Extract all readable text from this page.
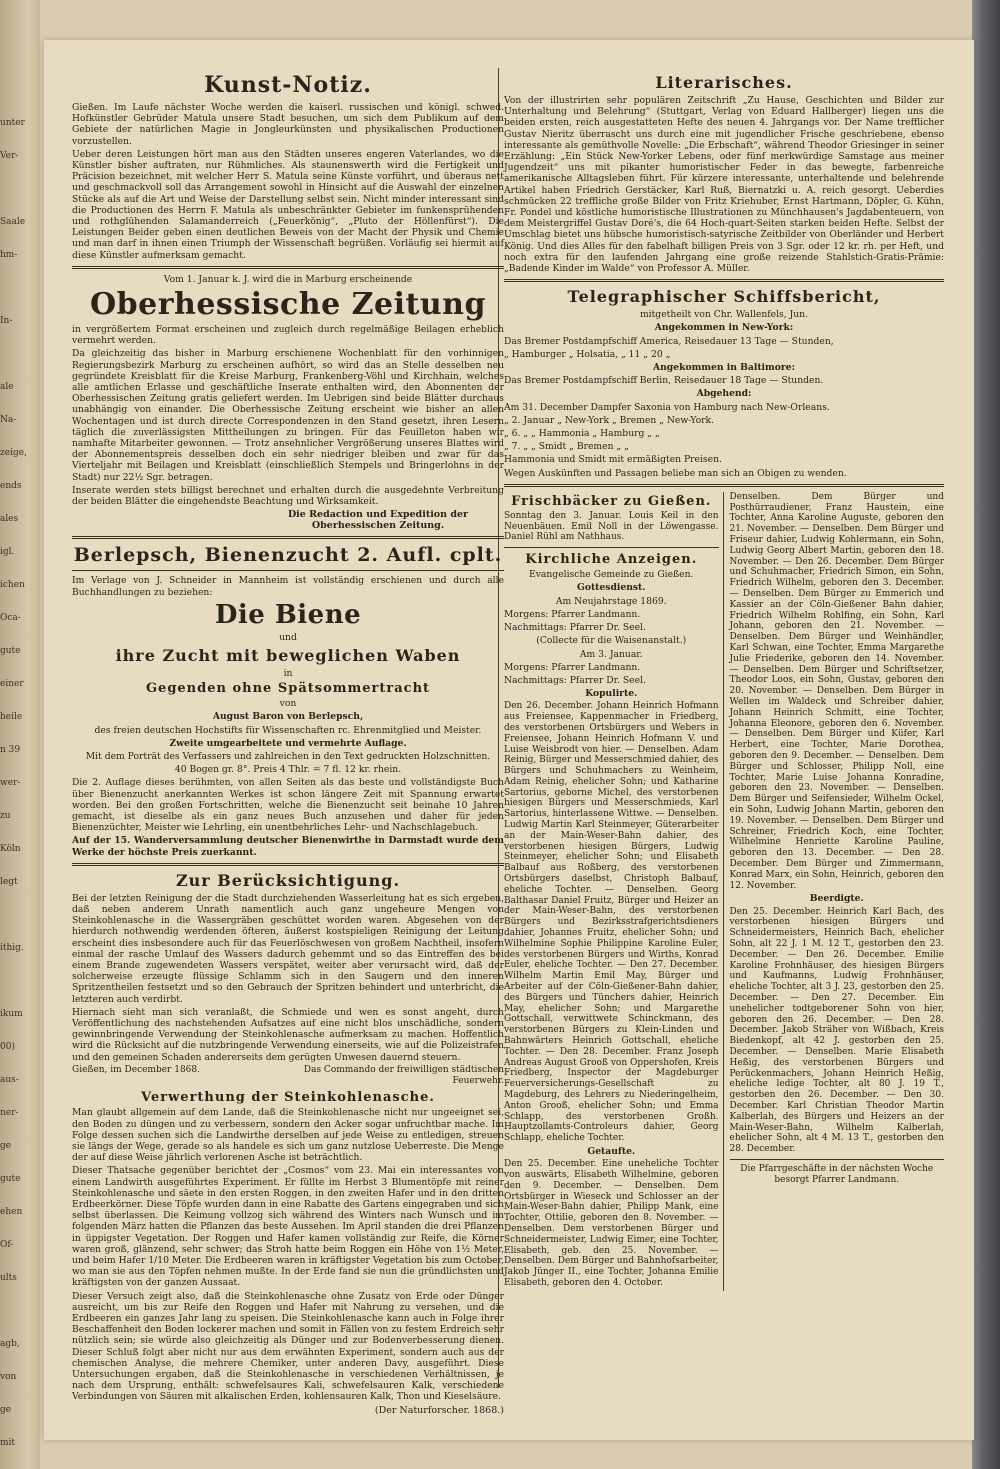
unter
Ver-
Saale
hm-
In-
ale
Na-
zeige,
ends
ales
igl.
ichen
Oca-
gute
einer
heile
n 39
wer-
zu
Köln
legt
ithig.
ikum
00)
aus-
ner-
ge
gute
ehen
Of-
ults
agb,
von
ge
mit
Kunst-Notiz.

Gießen. Im Laufe nächster Woche werden die kaiserl. russischen und königl. schwed. Hofkünstler Gebrüder Matula unsere Stadt besuchen, um sich dem Publikum auf dem Gebiete der natürlichen Magie in Jongleurkünsten und physikalischen Productionen vorzustellen.

Ueber deren Leistungen hört man aus den Städten unseres engeren Vaterlandes, wo die Künstler bisher auftraten, nur Rühmliches. Als staunenswerth wird die Fertigkeit und Präcision bezeichnet, mit welcher Herr S. Matula seine Künste vorführt, und überaus nett und geschmackvoll soll das Arrangement sowohl in Hinsicht auf die Auswahl der einzelnen Stücke als auf die Art und Weise der Darstellung selbst sein. Nicht minder interessant sind die Productionen des Herrn F. Matula als unbeschränkter Gebieter im funkensprühenden und rothglühenden Salamanderreich („Feuerkönig“, „Pluto der Höllenfürst“). Die Leistungen Beider geben einen deutlichen Beweis von der Macht der Physik und Chemie und man darf in ihnen einen Triumph der Wissenschaft begrüßen. Vorläufig sei hiermit auf diese Künstler aufmerksam gemacht.

Vom 1. Januar k. J. wird die in Marburg erscheinende

Oberhessische Zeitung

in vergrößertem Format erscheinen und zugleich durch regelmäßige Beilagen erheblich vermehrt werden.

Da gleichzeitig das bisher in Marburg erschienene Wochenblatt für den vorhinnigen Regierungsbezirk Marburg zu erscheinen aufhört, so wird das an Stelle desselben neu gegründete Kreisblatt für die Kreise Marburg, Frankenberg-Vöhl und Kirchhain, welches alle amtlichen Erlasse und geschäftliche Inserate enthalten wird, den Abonnenten der Oberhessischen Zeitung gratis geliefert werden. Im Uebrigen sind beide Blätter durchaus unabhängig von einander. Die Oberhessische Zeitung erscheint wie bisher an allen Wochentagen und ist durch directe Correspondenzen in den Stand gesetzt, ihren Lesern täglich die zuverlässigsten Mittheilungen zu bringen. Für das Feuilleton haben wir namhafte Mitarbeiter gewonnen. — Trotz ansehnlicher Vergrößerung unseres Blattes wird der Abonnementspreis desselben doch ein sehr niedriger bleiben und zwar für das Vierteljahr mit Beilagen und Kreisblatt (einschließlich Stempels und Bringerlohns in der Stadt) nur 22½ Sgr. betragen.

Inserate werden stets billigst berechnet und erhalten durch die ausgedehnte Verbreitung der beiden Blätter die eingehendste Beachtung und Wirksamkeit.

Die Redaction und Expedition der Oberhessischen Zeitung.

Berlepsch, Bienenzucht 2. Aufl. cplt.

Im Verlage von J. Schneider in Mannheim ist vollständig erschienen und durch alle Buchhandlungen zu beziehen:

Die Biene

und

ihre Zucht mit beweglichen Waben

in

Gegenden ohne Spätsommertracht

von

August Baron von Berlepsch,

des freien deutschen Hochstifts für Wissenschaften rc. Ehrenmitglied und Meister.

Zweite umgearbeitete und vermehrte Auflage.

Mit dem Porträt des Verfassers und zahlreichen in den Text gedruckten Holzschnitten.

40 Bogen gr. 8°. Preis 4 Thlr. = 7 fl. 12 kr. rhein.

Die 2. Auflage dieses berühmten, von allen Seiten als das beste und vollständigste Buch über Bienenzucht anerkannten Werkes ist schon längere Zeit mit Spannung erwartet worden. Bei den großen Fortschritten, welche die Bienenzucht seit beinahe 10 Jahren gemacht, ist dieselbe als ein ganz neues Buch anzusehen und daher für jeden Bienenzüchter, Meister wie Lehrling, ein unentbehrliches Lehr- und Nachschlagebuch.

Auf der 15. Wanderversammlung deutscher Bienenwirthe in Darmstadt wurde dem Werke der höchste Preis zuerkannt.

Zur Berücksichtigung.

Bei der letzten Reinigung der die Stadt durchziehenden Wasserleitung hat es sich ergeben, daß neben anderem Unrath namentlich auch ganz ungeheure Mengen von Steinkohlenasche in die Wassergräben geschüttet worden waren. Abgesehen von der hierdurch nothwendig werdenden öfteren, äußerst kostspieligen Reinigung der Leitung erscheint dies insbesondere auch für das Feuerlöschwesen von großem Nachtheil, insofern einmal der rasche Umlauf des Wassers dadurch gehemmt und so das Eintreffen des bei einem Brande zugewendeten Wassers verspätet, weiter aber verursacht wird, daß der solcherweise erzeugte flüssige Schlamm sich in den Saugern und den inneren Spritzentheilen festsetzt und so den Gebrauch der Spritzen behindert und unterbricht, die letzteren auch verdirbt.

Hiernach sieht man sich veranlaßt, die Schmiede und wen es sonst angeht, durch Veröffentlichung des nachstehenden Aufsatzes auf eine nicht blos unschädliche, sondern gewinnbringende Verwendung der Steinkohlenasche aufmerksam zu machen. Hoffentlich wird die Rücksicht auf die nutzbringende Verwendung einerseits, wie auf die Polizeistrafen und den gemeinen Schaden andererseits dem gerügten Unwesen dauernd steuern.

Gießen, im December 1868.	Das Commando der freiwilligen städtischen Feuerwehr.
Verwerthung der Steinkohlenasche.

Man glaubt allgemein auf dem Lande, daß die Steinkohlenasche nicht nur ungeeignet sei, den Boden zu düngen und zu verbessern, sondern den Acker sogar unfruchtbar mache. Im Folge dessen suchen sich die Landwirthe derselben auf jede Weise zu entledigen, streuen sie längs der Wege, gerade so als handele es sich um ganz nutzlose Ueberreste. Die Menge der auf diese Weise jährlich verlorenen Asche ist beträchtlich.

Dieser Thatsache gegenüber berichtet der „Cosmos“ vom 23. Mai ein interessantes von einem Landwirth ausgeführtes Experiment. Er füllte im Herbst 3 Blumentöpfe mit reiner Steinkohlenasche und säete in den ersten Roggen, in den zweiten Hafer und in den dritten Erdbeerkörner. Diese Töpfe wurden dann in eine Rabatte des Gartens eingegraben und sich selbst überlassen. Die Keimung vollzog sich während des Winters nach Wunsch und im folgenden März hatten die Pflanzen das beste Aussehen. Im April standen die drei Pflanzen in üppigster Vegetation. Der Roggen und Hafer kamen vollständig zur Reife, die Körner waren groß, glänzend, sehr schwer; das Stroh hatte beim Roggen ein Höhe von 1½ Meter, und beim Hafer 1/10 Meter. Die Erdbeeren waren in kräftigster Vegetation bis zum October, wo man sie aus den Töpfen nehmen mußte. In der Erde fand sie nun die gründlichsten und kräftigsten von der ganzen Aussaat.

Dieser Versuch zeigt also, daß die Steinkohlenasche ohne Zusatz von Erde oder Dünger ausreicht, um bis zur Reife den Roggen und Hafer mit Nahrung zu versehen, und die Erdbeeren ein ganzes Jahr lang zu speisen. Die Steinkohlenasche kann auch in Folge ihrer Beschaffenheit den Boden lockerer machen und somit in Fällen von zu festem Erdreich sehr nützlich sein; sie würde also gleichzeitig als Dünger und zur Bodenverbesserung dienen. Dieser Schluß folgt aber nicht nur aus dem erwähnten Experiment, sondern auch aus der chemischen Analyse, die mehrere Chemiker, unter anderen Davy, ausgeführt. Diese Untersuchungen ergaben, daß die Steinkohlenasche in verschiedenen Verhältnissen, je nach dem Ursprung, enthält: schwefelsaures Kali, schwefelsauren Kalk, verschiedene Verbindungen von Säuren mit alkalischen Erden, kohlensauren Kalk, Thon und Kieselsäure.

(Der Naturforscher. 1868.)

Literarisches.

Von der illustrirten sehr populären Zeitschrift „Zu Hause, Geschichten und Bilder zur Unterhaltung und Belehrung“ (Stuttgart, Verlag von Eduard Hallberger) liegen uns die beiden ersten, reich ausgestatteten Hefte des neuen 4. Jahrgangs vor. Der Name trefflicher Gustav Nieritz überrascht uns durch eine mit jugendlicher Frische geschriebene, ebenso interessante als gemüthvolle Novelle: „Die Erbschaft“, während Theodor Griesinger in seiner Erzählung: „Ein Stück New-Yorker Lebens, oder fünf merkwürdige Samstage aus meiner Jugendzeit“ uns mit pikanter humoristischer Feder in das bewegte, farbenreiche amerikanische Alltagsleben führt. Für kürzere interessante, unterhaltende und belehrende Artikel haben Friedrich Gerstäcker, Karl Ruß, Biernatzki u. A. reich gesorgt. Ueberdies schmücken 22 treffliche große Bilder von Fritz Kriehuber, Ernst Hartmann, Döpler, G. Kühn, Fr. Pondel und köstliche humoristische Illustrationen zu Münchhausen's Jagdabenteuern, von dem Meistergriffel Gustav Doré's, die 64 Hoch-quart-Seiten starken beiden Hefte. Selbst der Umschlag bietet uns hübsche humoristisch-satyrische Zeitbilder von Oberländer und Herbert König. Und dies Alles für den fabelhaft billigen Preis von 3 Sgr. oder 12 kr. rh. per Heft, und noch extra für den laufenden Jahrgang eine große reizende Stahlstich-Gratis-Prämie: „Badende Kinder im Walde“ von Professor A. Müller.

Telegraphischer Schiffsbericht,

mitgetheilt von Chr. Wallenfels, Jun.

Angekommen in New-York:

Das Bremer Postdampfschiff America, Reisedauer 13 Tage — Stunden,

„ Hamburger „ Holsatia, „ 11 „ 20 „

Angekommen in Baltimore:

Das Bremer Postdampfschiff Berlin, Reisedauer 18 Tage — Stunden.

Abgehend:

Am 31. December Dampfer Saxonia von Hamburg nach New-Orleans.

„ 2. Januar „ New-York „ Bremen „ New-York.

„ 6. „ „ Hammonia „ Hamburg „ „

„ 7. „ „ Smidt „ Bremen „ „

Hammonia und Smidt mit ermäßigten Preisen.

Wegen Auskünften und Passagen beliebe man sich an Obigen zu wenden.

Frischbäcker zu Gießen.

Sonntag den 3. Januar. Louis Keil in den Neuenbäuen. Emil Noll in der Löwengasse. Daniel Rühl am Nathhaus.

Kirchliche Anzeigen.

Evangelische Gemeinde zu Gießen.

Gottesdienst.

Am Neujahrstage 1869.

Morgens: Pfarrer Landmann.

Nachmittags: Pfarrer Dr. Seel.

(Collecte für die Waisenanstalt.)

Am 3. Januar.

Morgens: Pfarrer Landmann.

Nachmittags: Pfarrer Dr. Seel.

Kopulirte.

Den 26. December. Johann Heinrich Hofmann aus Freiensee, Kappenmacher in Friedberg, des verstorbenen Ortsbürgers und Webers in Freiensee, Johann Heinrich Hofmann V. und Luise Weisbrodt von hier. — Denselben. Adam Reinig, Bürger und Messerschmied dahier, des Bürgers und Schuhmachers zu Weinheim, Adam Reinig, ehelicher Sohn; und Katharine Sartorius, geborne Michel, des verstorbenen hiesigen Bürgers und Messerschmieds, Karl Sartorius, hinterlassene Wittwe. — Denselben. Ludwig Martin Karl Steinmeyer, Güterarbeiter an der Main-Weser-Bahn dahier, des verstorbenen hiesigen Bürgers, Ludwig Steinmeyer, ehelicher Sohn; und Elisabeth Balbauf aus Roßberg, des verstorbenen Ortsbürgers daselbst, Christoph Balbauf, eheliche Tochter. — Denselben. Georg Balthasar Daniel Fruitz, Bürger und Heizer an der Main-Weser-Bahn, des verstorbenen Bürgers und Bezirksstrafgerichtsdieners dahier, Johannes Fruitz, ehelicher Sohn; und Wilhelmine Sophie Philippine Karoline Euler, des verstorbenen Bürgers und Wirths, Konrad Euler, eheliche Tochter. — Den 27. December. Wilhelm Martin Emil May, Bürger und Arbeiter auf der Cöln-Gießener-Bahn dahier, des Bürgers und Tünchers dahier, Heinrich May, ehelicher Sohn; und Margarethe Gottschall, verwittwete Schinckmann, des verstorbenen Bürgers zu Klein-Linden und Bahnwärters Heinrich Gottschall, eheliche Tochter. — Den 28. December. Franz Joseph Andreas August Grooß von Oppershofen, Kreis Friedberg, Inspector der Magdeburger Feuerversicherungs-Gesellschaft zu Magdeburg, des Lehrers zu Niederingelheim, Anton Grooß, ehelicher Sohn; und Emma Schlapp, des verstorbenen Großh. Hauptzollamts-Controleurs dahier, Georg Schlapp, eheliche Tochter.

Getaufte.

Den 25. December. Eine uneheliche Tochter von auswärts, Elisabeth Wilhelmine, geboren den 9. December. — Denselben. Dem Ortsbürger in Wieseck und Schlosser an der Main-Weser-Bahn dahier, Philipp Mank, eine Tochter, Ottilie, geboren den 8. November. — Denselben. Dem verstorbenen Bürger und Schneidermeister, Ludwig Eimer, eine Tochter, Elisabeth, geb. den 25. November. — Denselben. Dem Bürger und Bahnhofsarbeiter, Jakob Jünger II., eine Tochter, Johanna Emilie Elisabeth, geboren den 4. October.

Denselben. Dem Bürger und Posthürraudiener, Franz Haustein, eine Tochter, Anna Karoline Auguste, geboren den 21. November. — Denselben. Dem Bürger und Friseur dahier, Ludwig Kohlermann, ein Sohn, Ludwig Georg Albert Martin, geboren den 18. November. — Den 26. December. Dem Bürger und Schuhmacher, Friedrich Simon, ein Sohn, Friedrich Wilhelm, geboren den 3. December. — Denselben. Dem Bürger zu Emmerich und Kassier an der Cöln-Gießener Bahn dahier, Friedrich Wilhelm Rohlfing, ein Sohn, Karl Johann, geboren den 21. November. — Denselben. Dem Bürger und Weinhändler, Karl Schwan, eine Tochter, Emma Margarethe Julie Friederike, geboren den 14. November. — Denselben. Dem Bürger und Schriftsetzer, Theodor Loos, ein Sohn, Gustav, geboren den 20. November. — Denselben. Dem Bürger in Wellen im Waldeck und Schreiber dahier, Johann Heinrich Schmitt, eine Tochter, Johanna Eleonore, geboren den 6. November. — Denselben. Dem Bürger und Küfer, Karl Herbert, eine Tochter, Marie Dorothea, geboren den 9. December. — Denselben. Dem Bürger und Schlosser, Philipp Noll, eine Tochter, Marie Luise Johanna Konradine, geboren den 23. November. — Denselben. Dem Bürger und Seifensieder, Wilhelm Ockel, ein Sohn, Ludwig Johann Martin, geboren den 19. November. — Denselben. Dem Bürger und Schreiner, Friedrich Koch, eine Tochter, Wilhelmine Henriette Karoline Pauline, geboren den 13. December. — Den 28. December. Dem Bürger und Zimmermann, Konrad Marx, ein Sohn, Heinrich, geboren den 12. November.

Beerdigte.

Den 25. December. Heinrich Karl Bach, des verstorbenen hiesigen Bürgers und Schneidermeisters, Heinrich Bach, ehelicher Sohn, alt 22 J. 1 M. 12 T., gestorben den 23. December. — Den 26. December. Emilie Karoline Frohnhäuser, des hiesigen Bürgers und Kaufmanns, Ludwig Frohnhäuser, eheliche Tochter, alt 3 J. 23, gestorben den 25. December. — Den 27. December. Ein unehelicher todtgeborener Sohn von hier, geboren den 26. December. — Den 28. December. Jakob Sträher von Wißbach, Kreis Biedenkopf, alt 42 J. gestorben den 25. December. — Denselben. Marie Elisabeth Heßig, des verstorbenen Bürgers und Perückenmachers, Johann Heinrich Heßig, eheliche ledige Tochter, alt 80 J. 19 T., gestorben den 26. December. — Den 30. December. Karl Christian Theodor Martin Kalberlah, des Bürgers und Heizers an der Main-Weser-Bahn, Wilhelm Kalberlah, ehelicher Sohn, alt 4 M. 13 T., gestorben den 28. December.

Die Pfarrgeschäfte in der nächsten Woche besorgt Pfarrer Landmann.
